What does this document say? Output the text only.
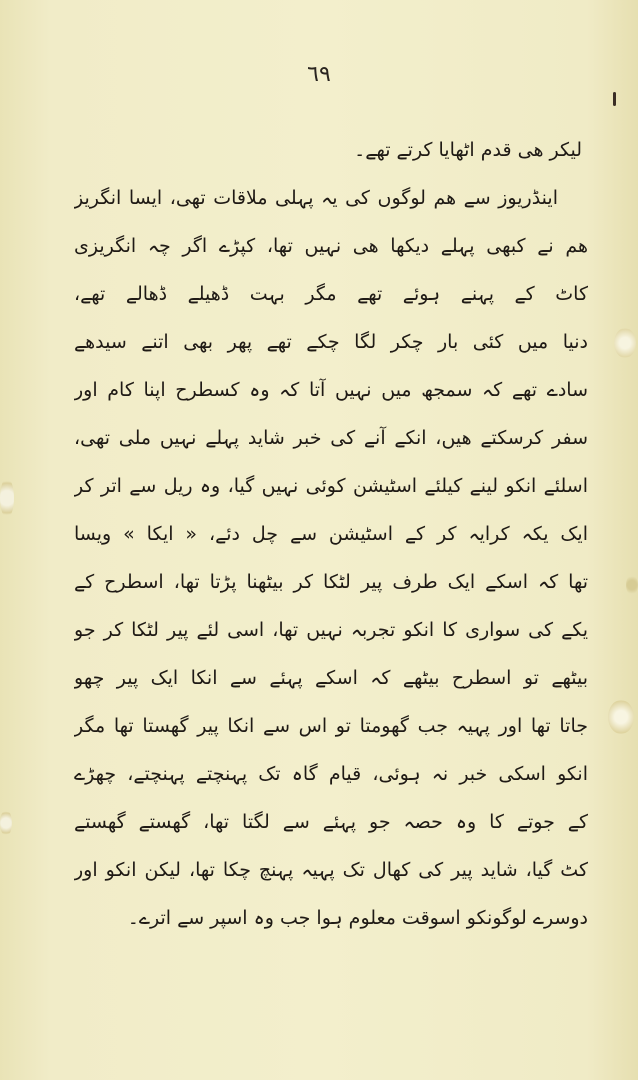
٦٩
لیکر ھی قدم اٹھایا کرتے تھے۔
اینڈریوز سے ھم لوگوں کی یہ پہلی ملاقات تھی، ایسا انگریز
ھم نے کبھی پہلے دیکھا ھی نہیں تھا، کپڑے اگر چہ انگریزی
کاٹ کے پہنے ہوئے تھے مگر بہت ڈھیلے ڈھالے تھے،
دنیا میں کئی بار چکر لگا چکے تھے پھر بھی اتنے سیدھے
سادے تھے کہ سمجھ میں نہیں آتا کہ وہ کسطرح اپنا کام اور
سفر کرسکتے ھیں، انکے آنے کی خبر شاید پہلے نہیں ملی تھی،
اسلئے انکو لینے کیلئے اسٹیشن کوئی نہیں گیا، وہ ریل سے اتر کر
ایک یکہ کرایہ کر کے اسٹیشن سے چل دئے، « ایکا » ویسا
تھا کہ اسکے ایک طرف پیر لٹکا کر بیٹھنا پڑتا تھا، اسطرح کے
یکے کی سواری کا انکو تجربہ نہیں تھا، اسی لئے پیر لٹکا کر جو
بیٹھے تو اسطرح بیٹھے کہ اسکے پہئے سے انکا ایک پیر چھو
جاتا تھا اور پہیہ جب گھومتا تو اس سے انکا پیر گھستا تھا مگر
انکو اسکی خبر نہ ہوئی، قیام گاہ تک پہنچتے پہنچتے، چھڑے
کے جوتے کا وہ حصہ جو پہئے سے لگتا تھا، گھستے گھستے
کٹ گیا، شاید پیر کی کھال تک پہیہ پہنچ چکا تھا، لیکن انکو اور
دوسرے لوگونکو اسوقت معلوم ہوا جب وہ اسپر سے اترے۔
